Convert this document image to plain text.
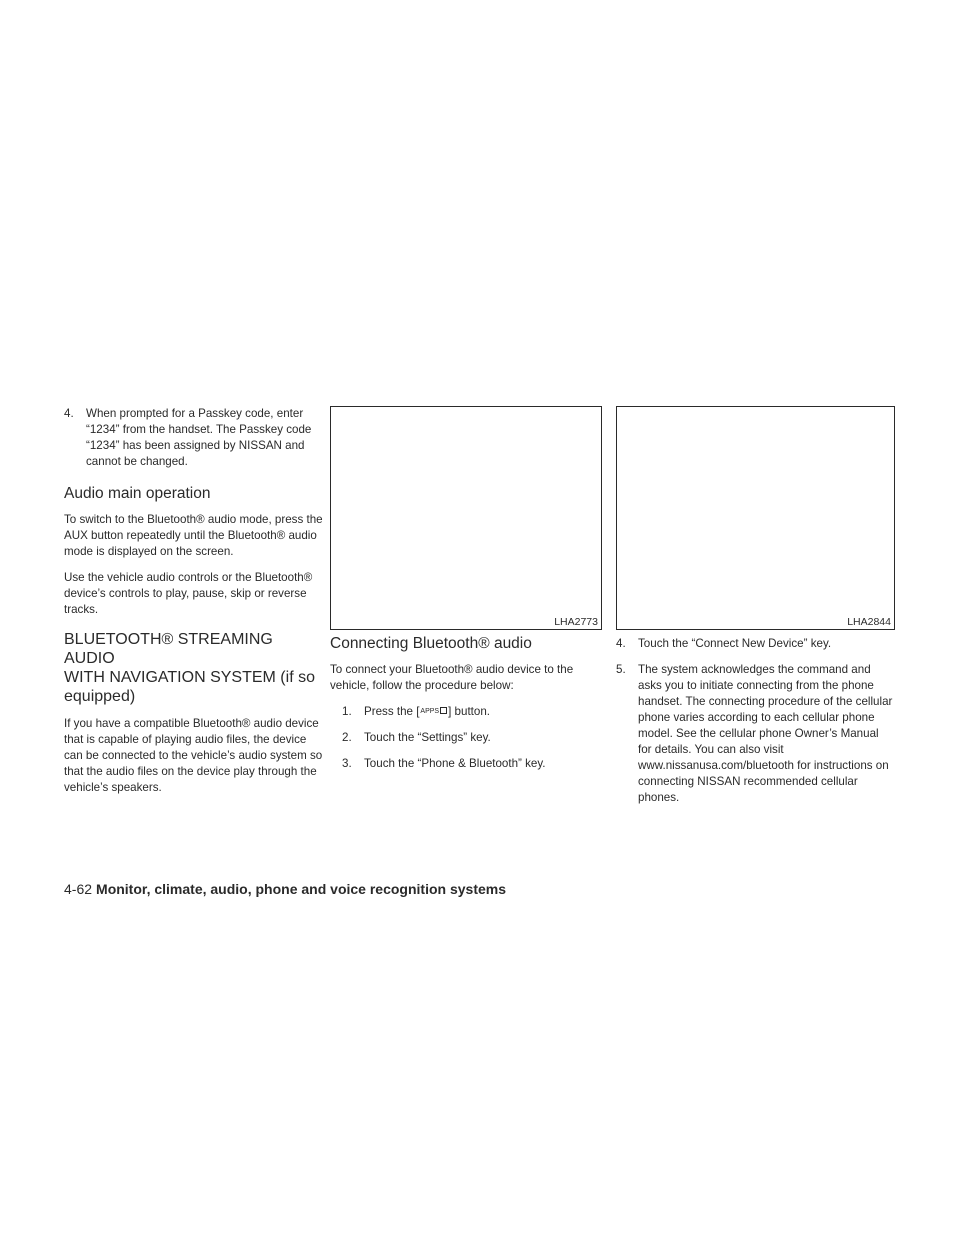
4. When prompted for a Passkey code, enter “1234” from the handset. The Passkey code “1234” has been assigned by NISSAN and cannot be changed.
Audio main operation

To switch to the Bluetooth® audio mode, press the AUX button repeatedly until the Bluetooth® audio mode is displayed on the screen.

Use the vehicle audio controls or the Bluetooth® device’s controls to play, pause, skip or reverse tracks.

BLUETOOTH® STREAMING AUDIO
WITH NAVIGATION SYSTEM (if so
equipped)

If you have a compatible Bluetooth® audio device that is capable of playing audio files, the device can be connected to the vehicle’s audio system so that the audio files on the device play through the vehicle’s speakers.

LHA2773	LHA2844
Connecting Bluetooth® audio

To connect your Bluetooth® audio device to the vehicle, follow the procedure below:

1. Press the [APPS ] button.
2. Touch the “Settings” key.
3. Touch the “Phone & Bluetooth” key.
4. Touch the “Connect New Device” key.
5. The system acknowledges the command and asks you to initiate connecting from the phone handset. The connecting procedure of the cellular phone varies according to each cellular phone model. See the cellular phone Owner’s Manual for details. You can also visit www.nissanusa.com/bluetooth for instructions on connecting NISSAN recommended cellular phones.
4-62 Monitor, climate, audio, phone and voice recognition systems
